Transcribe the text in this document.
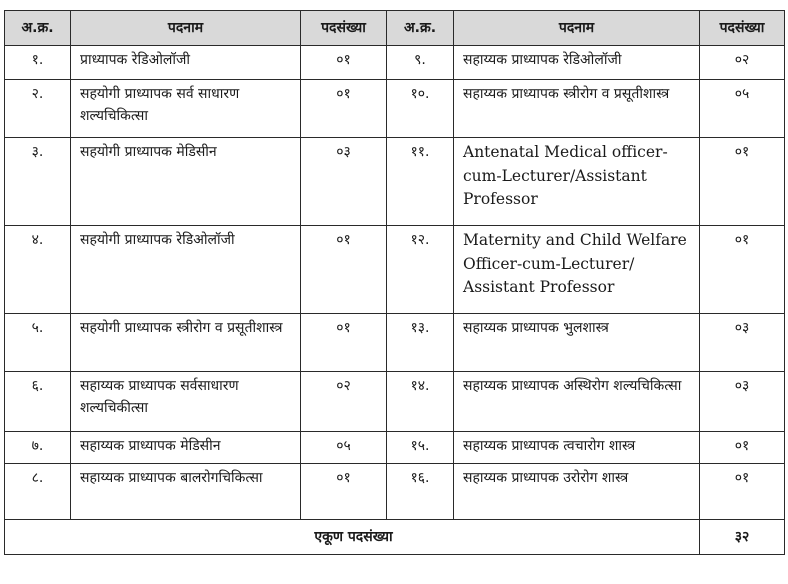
अ.क्र.	पदनाम	पदसंख्या	अ.क्र.	पदनाम	पदसंख्या
१.	प्राध्यापक रेडिओलॉजी	०१	९.	सहाय्यक प्राध्यापक रेडिओलॉजी	०२
२.	सहयोगी प्राध्यापक सर्व साधारण शल्यचिकित्सा	०१	१०.	सहाय्यक प्राध्यापक स्त्रीरोग व प्रसूतीशास्त्र	०५
३.	सहयोगी प्राध्यापक मेडिसीन	०३	११.	Antenatal Medical officer-cum-Lecturer/Assistant Professor	०१
४.	सहयोगी प्राध्यापक रेडिओलॉजी	०१	१२.	Maternity and Child Welfare Officer-cum-Lecturer/ Assistant Professor	०१
५.	सहयोगी प्राध्यापक स्त्रीरोग व प्रसूतीशास्त्र	०१	१३.	सहाय्यक प्राध्यापक भुलशास्त्र	०३
६.	सहाय्यक प्राध्यापक सर्वसाधारण शल्यचिकीत्सा	०२	१४.	सहाय्यक प्राध्यापक अस्थिरोग शल्यचिकित्सा	०३
७.	सहाय्यक प्राध्यापक मेडिसीन	०५	१५.	सहाय्यक प्राध्यापक त्वचारोग शास्त्र	०१
८.	सहाय्यक प्राध्यापक बालरोगचिकित्सा	०१	१६.	सहाय्यक प्राध्यापक उरोरोग शास्त्र	०१
एकूण पदसंख्या					३२
